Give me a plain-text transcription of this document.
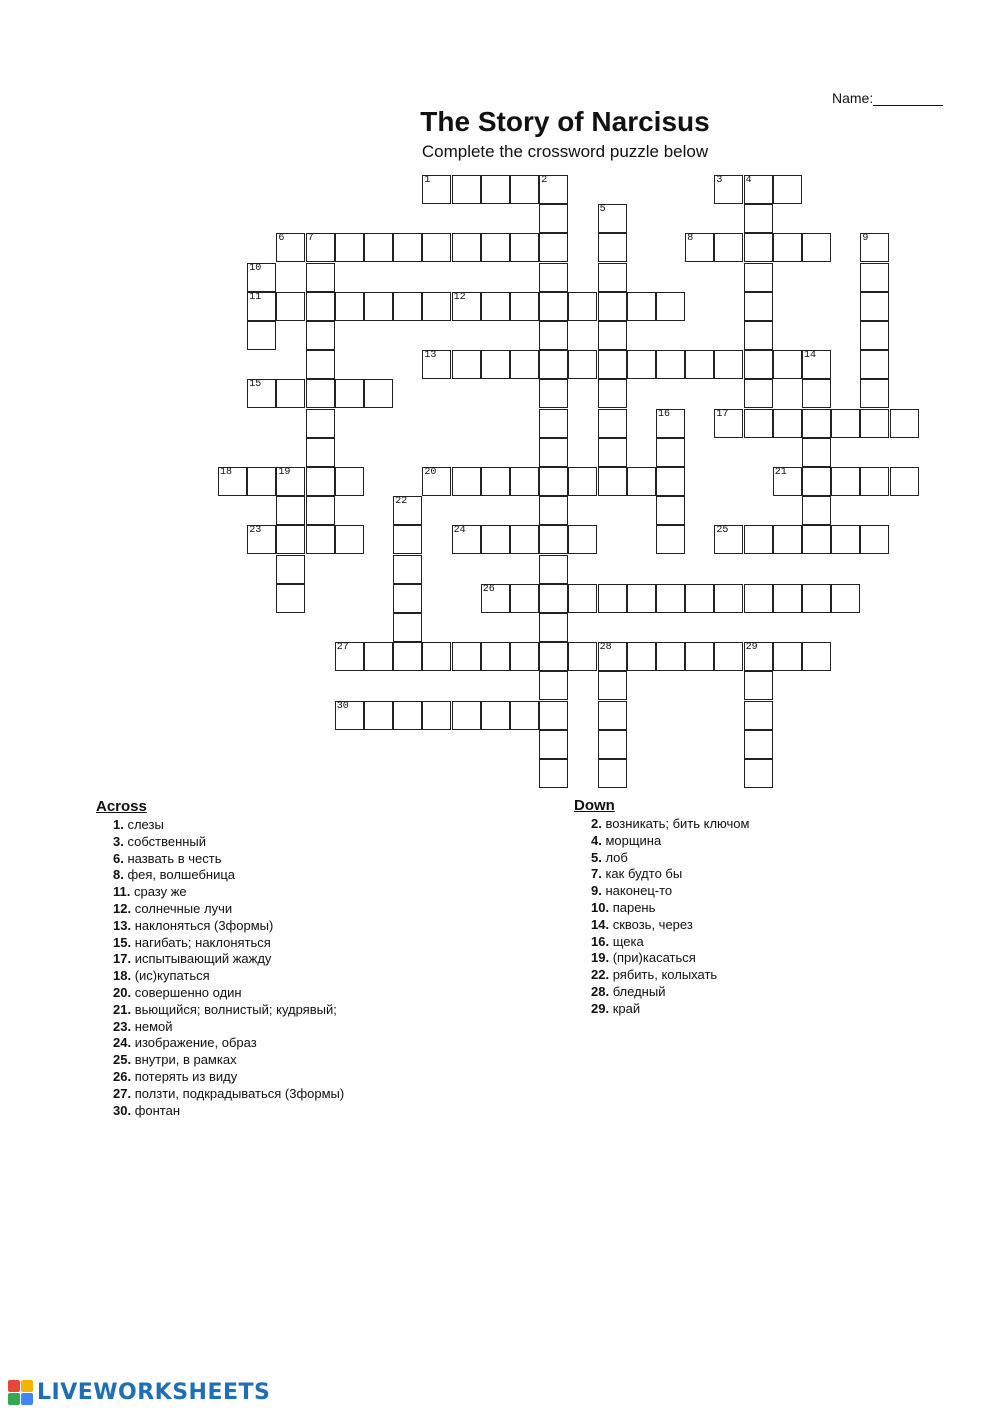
Name:
The Story of Narcisus
Complete the crossword puzzle below
1	2	3 4
6 7	8
11	12
13	14
15
17
18	19	20	21
23	24	25
26
27	28	29
30
5
9
10
16
22
Across
1. слезы
3. собственный
6. назвать в честь
8. фея, волшебница
11. сразу же
12. солнечные лучи
13. наклоняться (3формы)
15. нагибать; наклоняться
17. испытывающий жажду
18. (ис)купаться
20. совершенно один
21. вьющийся; волнистый; кудрявый;
23. немой
24. изображение, образ
25. внутри, в рамках
26. потерять из виду
27. ползти, подкрадываться (3формы)
30. фонтан
Down
2. возникать; бить ключом
4. морщина
5. лоб
7. как будто бы
9. наконец-то
10. парень
14. сквозь, через
16. щека
19. (при)касаться
22. рябить, колыхать
28. бледный
29. край
LIVEWORKSHEETS
